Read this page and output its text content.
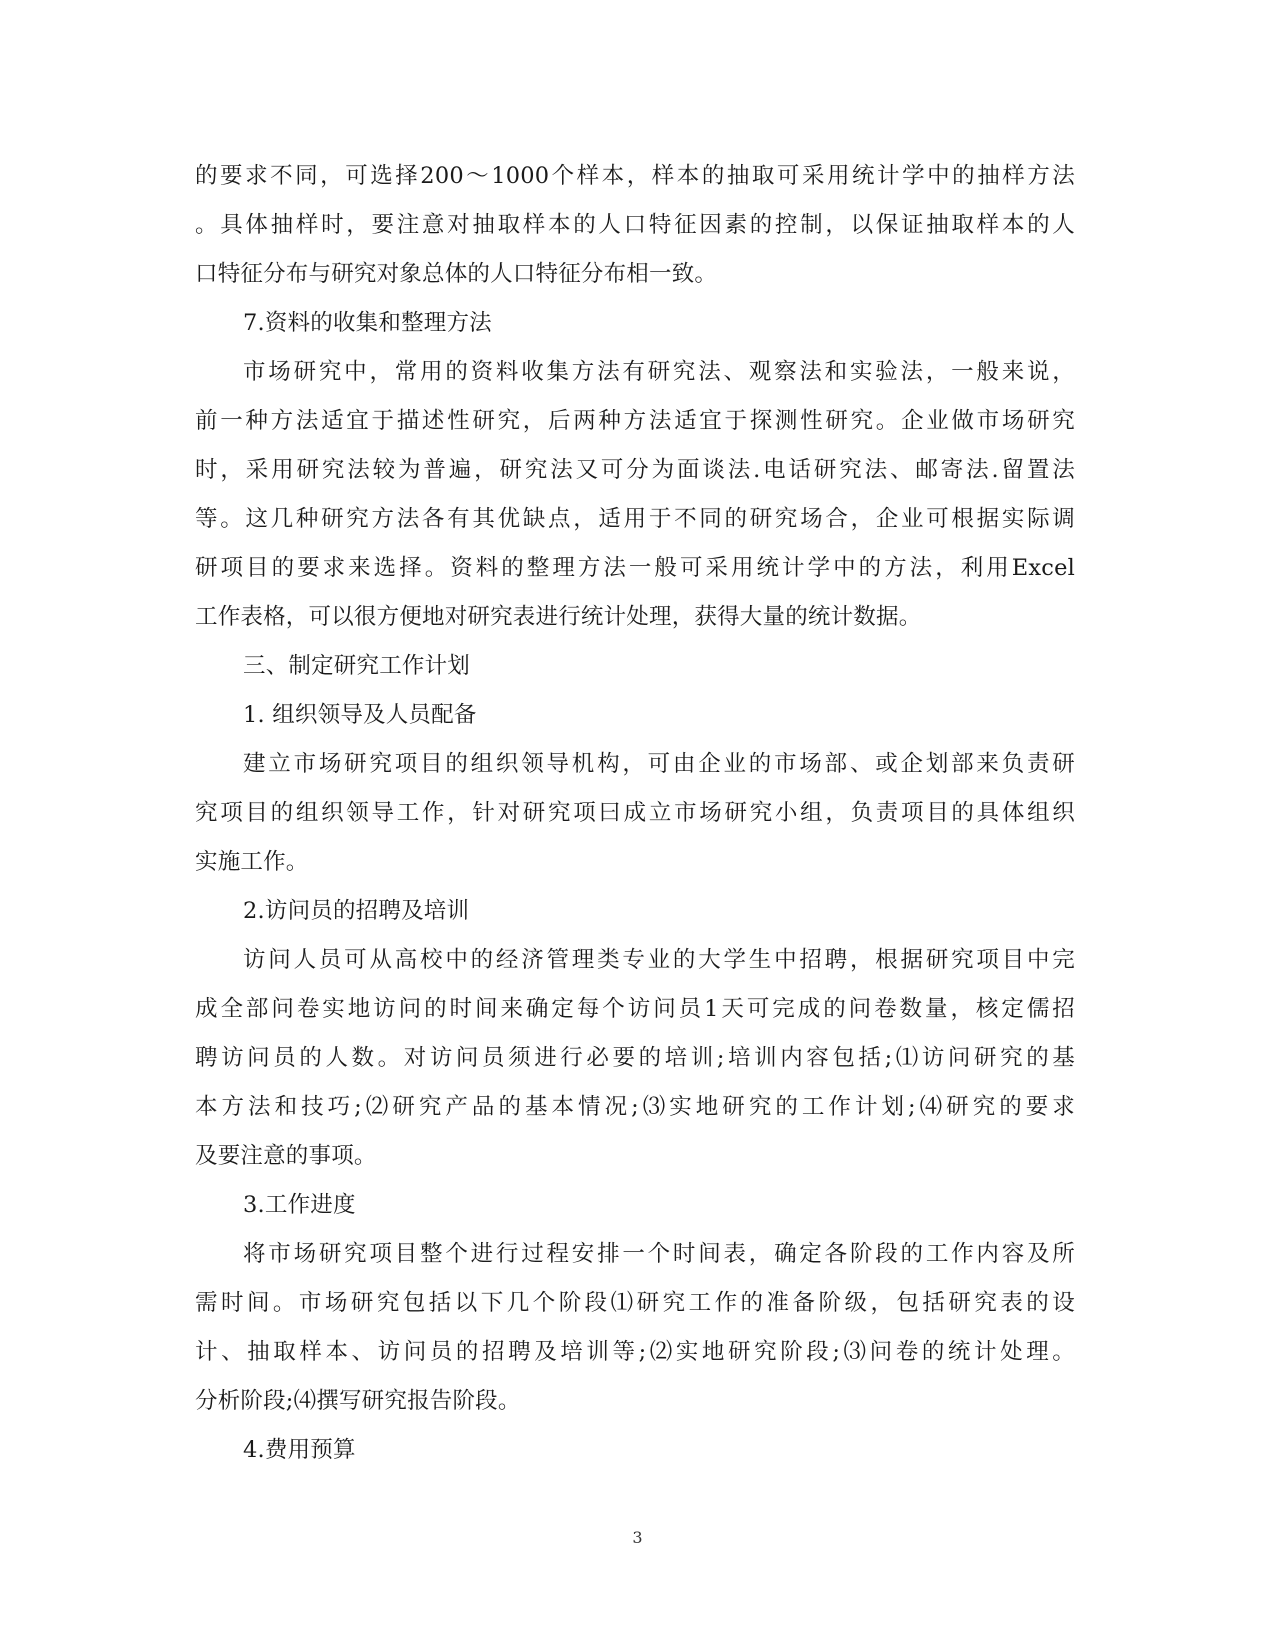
的要求不同，可选择200～1000个样本，样本的抽取可采用统计学中的抽样方法
。具体抽样时，要注意对抽取样本的人口特征因素的控制，以保证抽取样本的人
口特征分布与研究对象总体的人口特征分布相一致。
7.资料的收集和整理方法
市场研究中，常用的资料收集方法有研究法、观察法和实验法，一般来说，
前一种方法适宜于描述性研究，后两种方法适宜于探测性研究。企业做市场研究
时，采用研究法较为普遍，研究法又可分为面谈法.电话研究法、邮寄法.留置法
等。这几种研究方法各有其优缺点，适用于不同的研究场合，企业可根据实际调
研项目的要求来选择。资料的整理方法一般可采用统计学中的方法，利用Excel
工作表格，可以很方便地对研究表进行统计处理，获得大量的统计数据。
三、制定研究工作计划
1. 组织领导及人员配备
建立市场研究项目的组织领导机构，可由企业的市场部、或企划部来负责研
究项目的组织领导工作，针对研究项曰成立市场研究小组，负责项目的具体组织
实施工作。
2.访问员的招聘及培训
访问人员可从高校中的经济管理类专业的大学生中招聘，根据研究项目中完
成全部问卷实地访问的时间来确定每个访问员1天可完成的问卷数量，核定儒招
聘访问员的人数。对访问员须进行必要的培训;培训内容包括;⑴访问研究的基
本方法和技巧;⑵研究产品的基本情况;⑶实地研究的工作计划;⑷研究的要求
及要注意的事项。
3.工作进度
将市场研究项目整个进行过程安排一个时间表，确定各阶段的工作内容及所
需时间。市场研究包括以下几个阶段⑴研究工作的准备阶级，包括研究表的设
计、抽取样本、访问员的招聘及培训等;⑵实地研究阶段;⑶问卷的统计处理。
分析阶段;⑷撰写研究报告阶段。
4.费用预算
3
